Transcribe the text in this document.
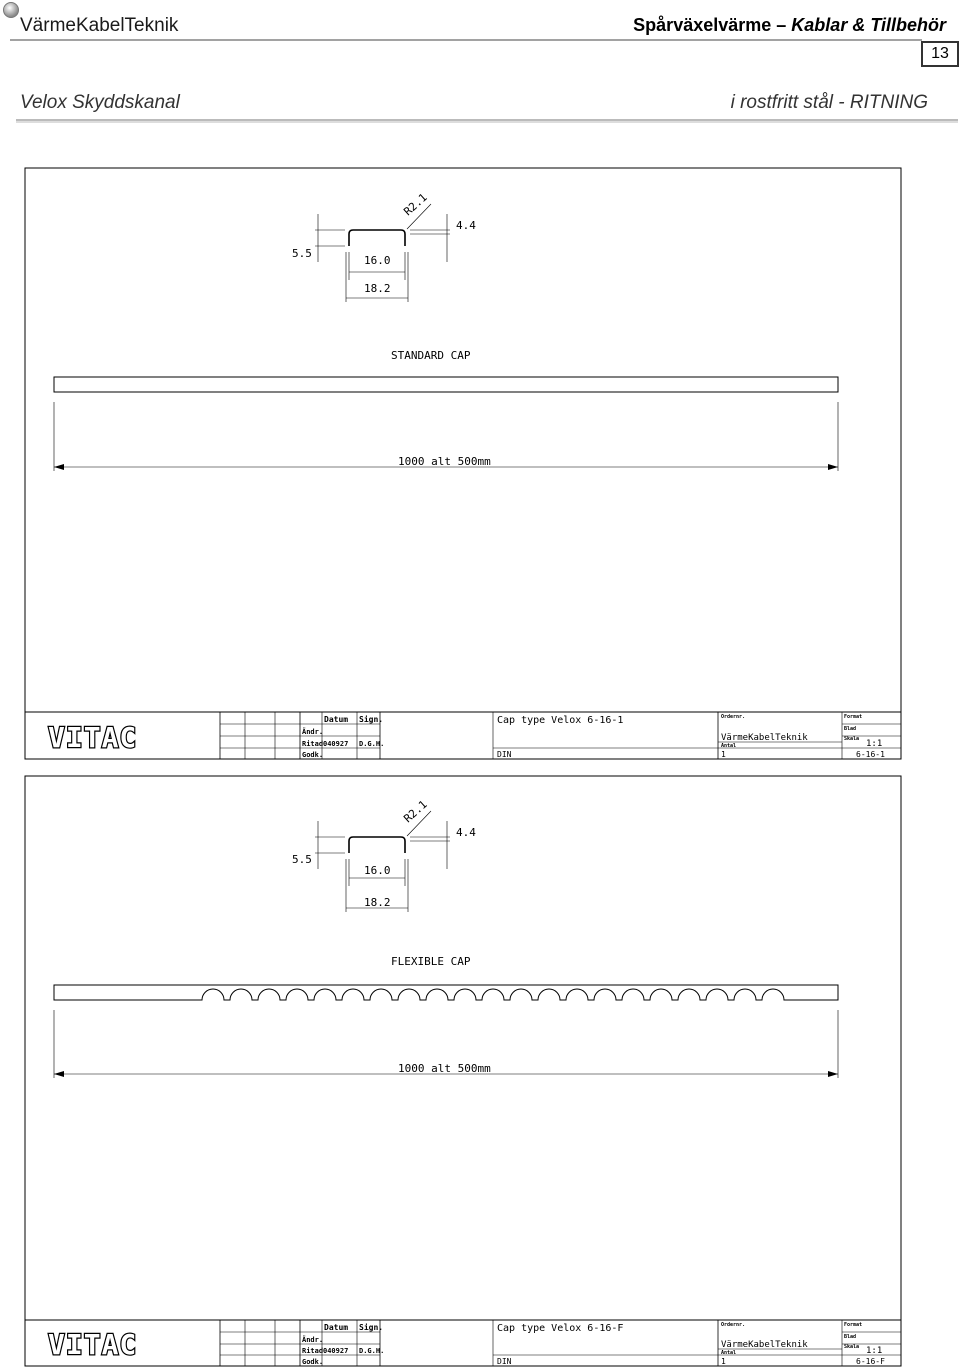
VärmeKabelTeknik	Spårväxelvärme – Kablar & Tillbehör
13
Velox Skyddskanal	i rostfritt stål - RITNING
5.5
4.4
R2.1
16.0
18.2
STANDARD CAP
1000 alt 500mm
VITAC
Datum Sign.
Ändr.
Ritad 040927 D.G.H.
Godk.
Cap type Velox 6-16-1
DIN
Ordernr.
VärmeKabelTeknik
Antal
1
Format
Blad
Skala 1:1
6-16-1
5.5
4.4
R2.1
16.0
18.2
FLEXIBLE CAP
1000 alt 500mm
VITAC
Datum Sign.
Ändr.
Ritad 040927 D.G.H.
Godk.
Cap type Velox 6-16-F
DIN
Ordernr.
VärmeKabelTeknik
Antal
1
Format
Blad
Skala 1:1
6-16-F
